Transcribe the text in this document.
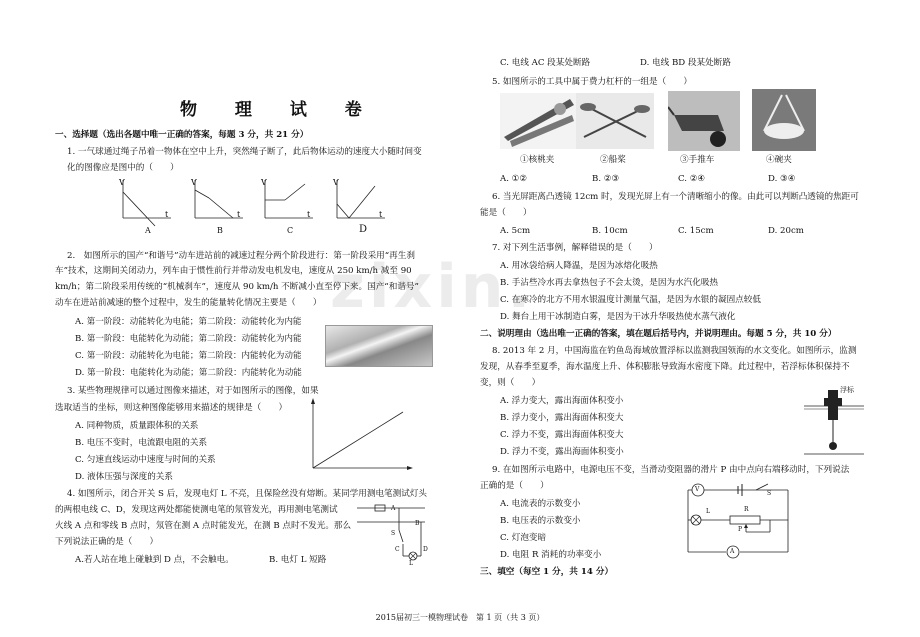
zixin.
物 理 试 卷
一、选择题（选出各题中唯一正确的答案，每题 3 分，共 21 分）
1. 一气球通过绳子吊着一物体在空中上升，突然绳子断了，此后物体运动的速度大小随时间变
化的图像应是图中的（　　）
V
t
V
t
V
t
V
t
A	B	C	D
2.　如图所示的国产“和谐号”动车进站前的减速过程分两个阶段进行：第一阶段采用“再生刹
车”技术，这期间关闭动力，列车由于惯性前行并带动发电机发电，速度从 250 km/h 减至 90
km/h；第二阶段采用传统的“机械刹车”，速度从 90 km/h 不断减小直至停下来。国产“和谐号”
动车在进站前减速的整个过程中，发生的能量转化情况主要是（　　）
A. 第一阶段：动能转化为电能；第二阶段：动能转化为内能
B. 第一阶段：电能转化为动能；第二阶段：动能转化为内能
C. 第一阶段：动能转化为电能；第二阶段：内能转化为动能
D. 第一阶段：电能转化为动能；第二阶段：内能转化为动能
3. 某些物理规律可以通过图像来描述，对于如图所示的图像，如果
选取适当的坐标，则这种图像能够用来描述的规律是（　　）
A. 同种物质，质量跟体积的关系
B. 电压不变时，电流跟电阻的关系
C. 匀速直线运动中速度与时间的关系
D. 液体压强与深度的关系
4. 如图所示，闭合开关 S 后，发现电灯 L 不亮，且保险丝没有熔断。某同学用测电笔测试灯头
的两根电线 C、D，发现这两处都能使测电笔的氖管发光，再用测电笔测试
火线 A 点和零线 B 点时，氖管在测 A 点时能发光，在测 B 点时不发光。那么
下列说法正确的是（　　）
A.若人站在地上碰触到 D 点，不会触电。	B. 电灯 L 短路
A
B
S
C	D
L
C. 电线 AC 段某处断路	D. 电线 BD 段某处断路
5. 如图所示的工具中属于费力杠杆的一组是（　　）
①核桃夹	②船桨	③手推车	④碗夹
A. ①②	B. ②③	C. ②④	D. ③④
6. 当光屏距离凸透镜 12cm 时，发现光屏上有一个清晰缩小的像。由此可以判断凸透镜的焦距可
能是（　　）
A. 5cm	B. 10cm	C. 15cm	D. 20cm
7. 对下列生活事例，解释错误的是（　　）
A. 用冰袋给病人降温，是因为冰熔化吸热
B. 手沾些冷水再去拿热包子不会太烫，是因为水汽化吸热
C. 在寒冷的北方不用水银温度计测量气温，是因为水银的凝固点较低
D. 舞台上用干冰制造白雾，是因为干冰升华吸热使水蒸气液化
二、说明理由（选出唯一正确的答案，填在题后括号内，并说明理由。每题 5 分，共 10 分）
8. 2013 年 2 月，中国海监在钓鱼岛海域放置浮标以监测我国领海的水文变化。如图所示，监测
发现，从春季至夏季，海水温度上升、体积膨胀导致海水密度下降。此过程中，若浮标体积保持不
变，则（　　）
A. 浮力变大，露出海面体积变小
B. 浮力变小，露出海面体积变大
C. 浮力不变，露出海面体积变大
D. 浮力不变，露出海面体积变小
浮标
9. 在如图所示电路中，电源电压不变，当滑动变阻器的滑片 P 由中点向右端移动时，下列说法
正确的是（　　）
A. 电流表的示数变小
B. 电压表的示数变小
C. 灯泡变暗
D. 电阻 R 消耗的功率变小
V
S
L	R
P
A
三、填空（每空 1 分，共 14 分）
2015届初三一模物理试卷　第 1 页（共 3 页）
